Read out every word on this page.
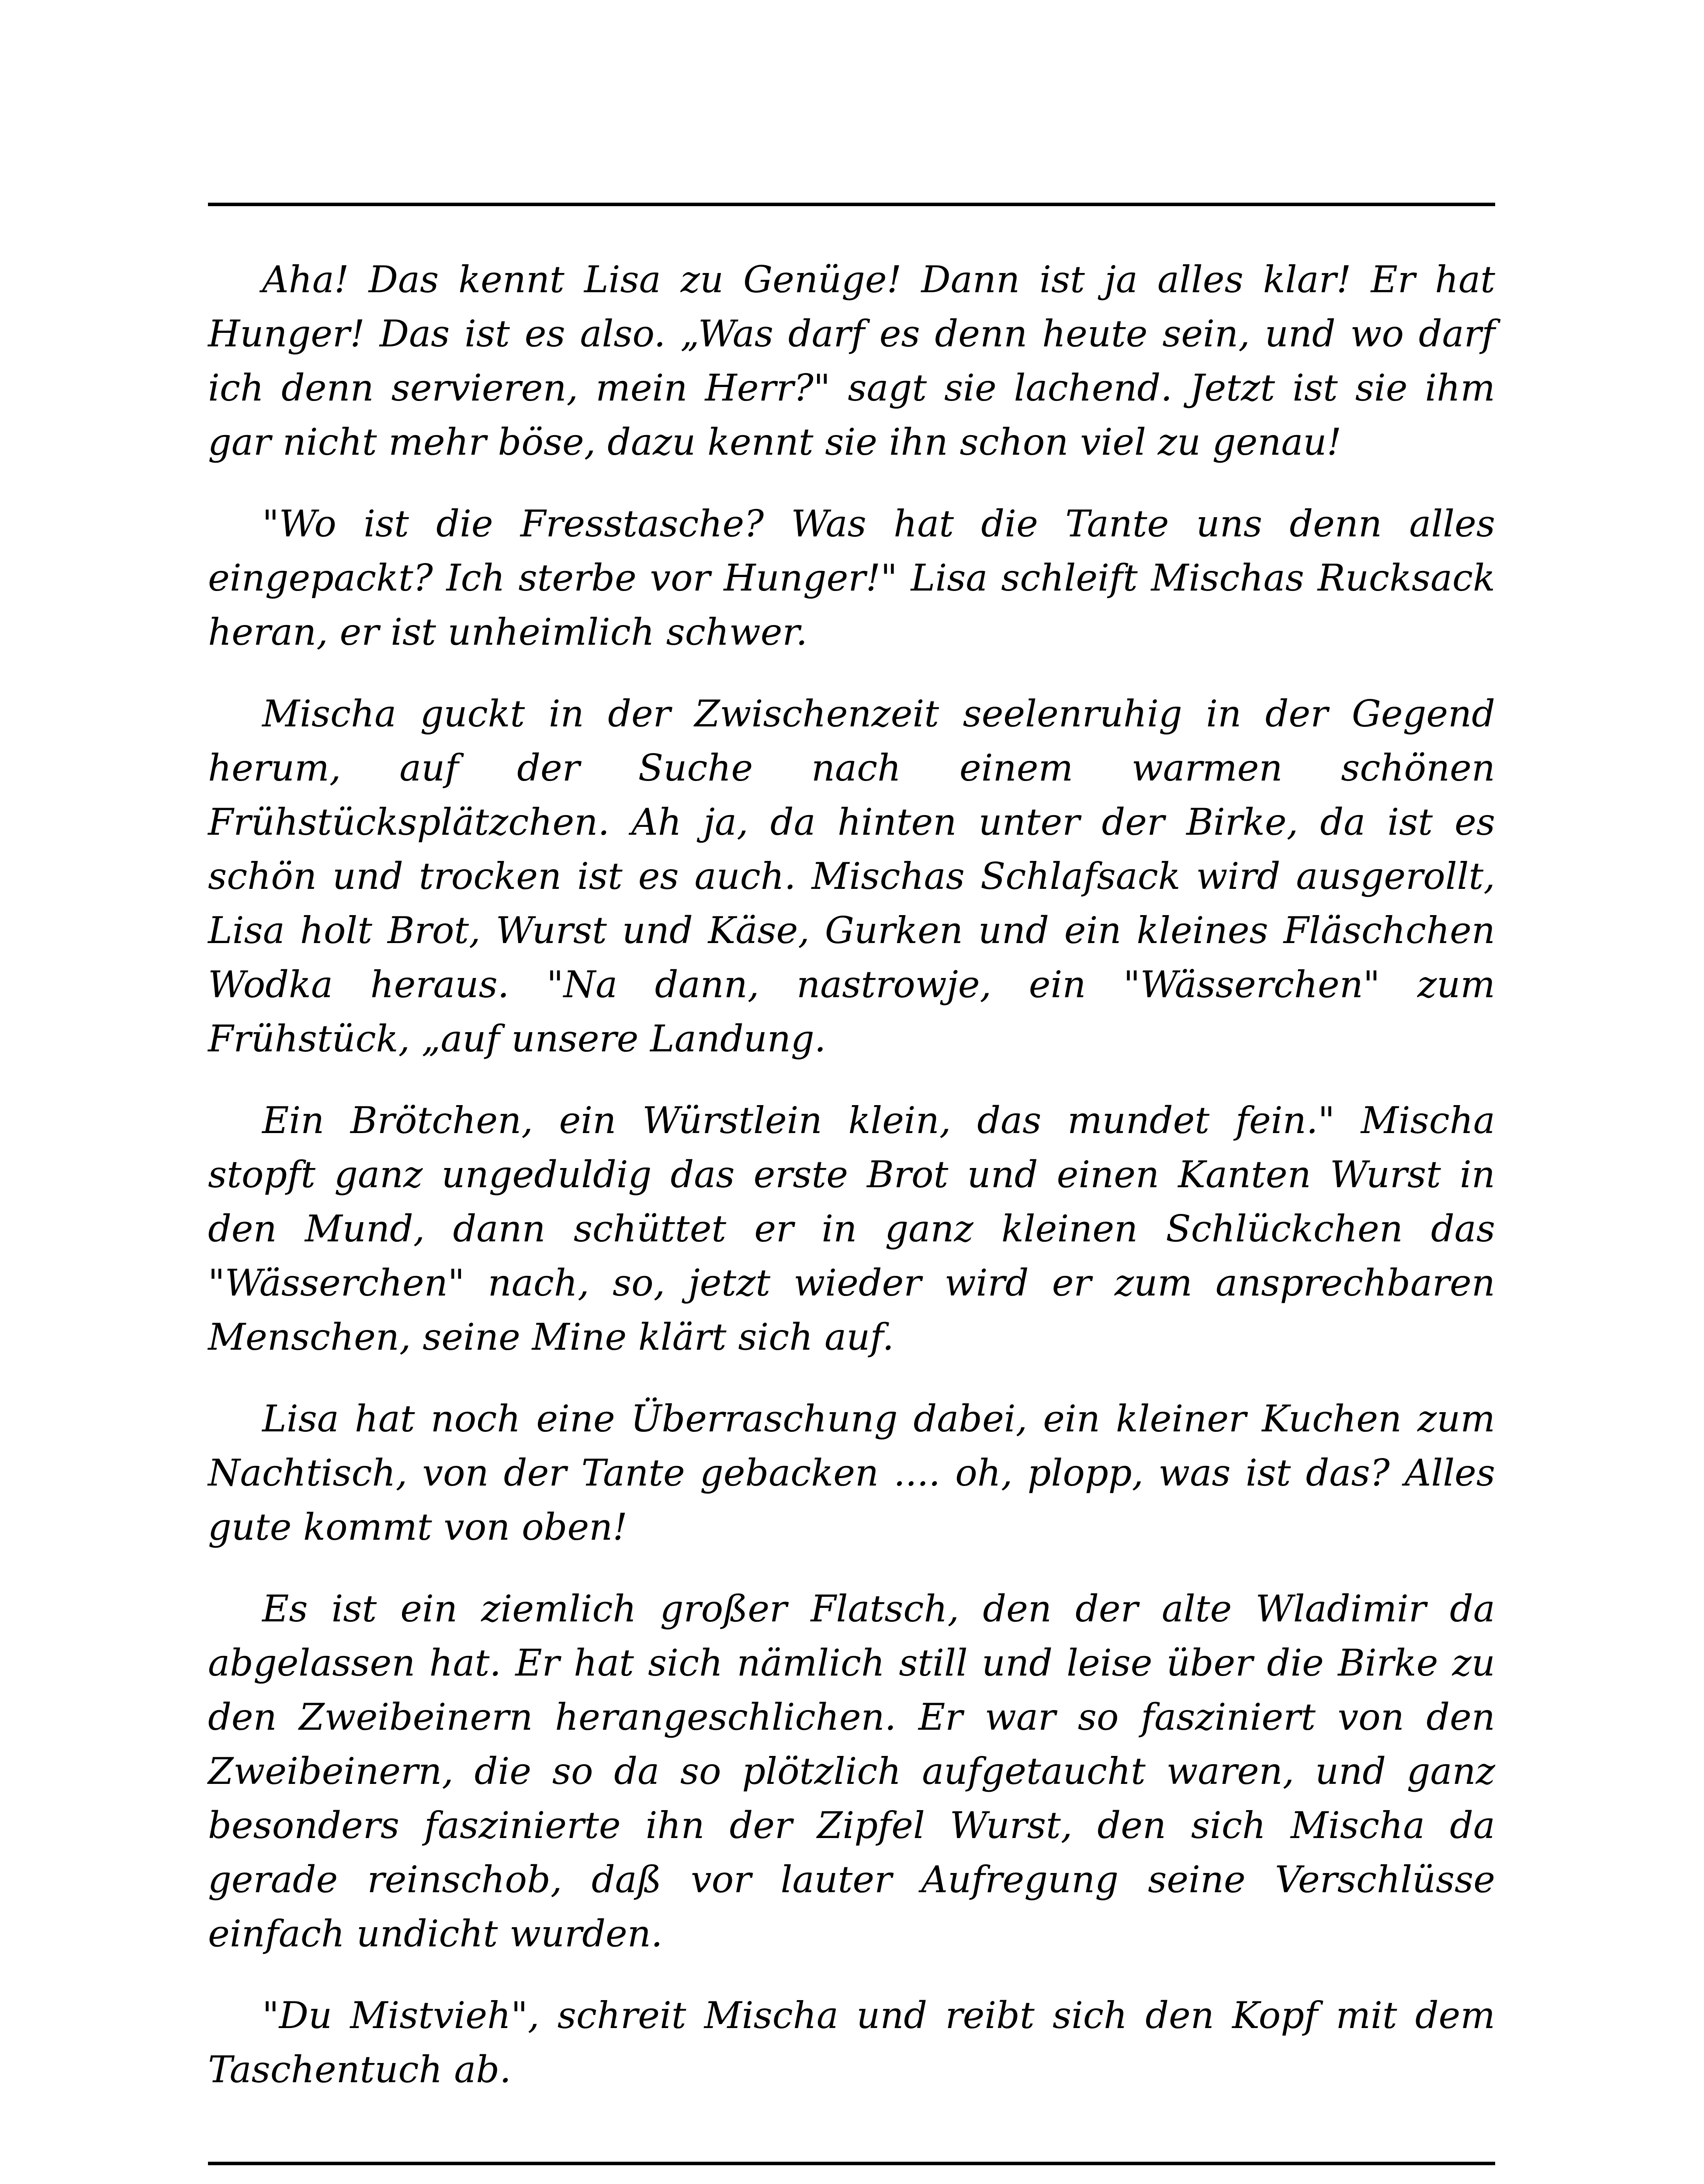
Aha! Das kennt Lisa zu Genüge! Dann ist ja alles klar! Er hat Hunger! Das ist es also. „Was darf es denn heute sein, und wo darf ich denn servieren, mein Herr?" sagt sie lachend. Jetzt ist sie ihm gar nicht mehr böse, dazu kennt sie ihn schon viel zu genau!

"Wo ist die Fresstasche? Was hat die Tante uns denn alles eingepackt? Ich sterbe vor Hunger!" Lisa schleift Mischas Rucksack heran, er ist unheimlich schwer.

Mischa guckt in der Zwischenzeit seelenruhig in der Gegend herum, auf der Suche nach einem warmen schönen Frühstücksplätzchen. Ah ja, da hinten unter der Birke, da ist es schön und trocken ist es auch. Mischas Schlafsack wird ausgerollt, Lisa holt Brot, Wurst und Käse, Gurken und ein kleines Fläschchen Wodka heraus. "Na dann, nastrowje, ein "Wässerchen" zum Frühstück, „auf unsere Landung.

Ein Brötchen, ein Würstlein klein, das mundet fein." Mischa stopft ganz ungeduldig das erste Brot und einen Kanten Wurst in den Mund, dann schüttet er in ganz kleinen Schlückchen das "Wässerchen" nach, so, jetzt wieder wird er zum ansprechbaren Menschen, seine Mine klärt sich auf.

Lisa hat noch eine Überraschung dabei, ein kleiner Kuchen zum Nachtisch, von der Tante gebacken .... oh, plopp, was ist das? Alles gute kommt von oben!

Es ist ein ziemlich großer Flatsch, den der alte Wladimir da abgelassen hat. Er hat sich nämlich still und leise über die Birke zu den Zweibeinern herangeschlichen. Er war so fasziniert von den Zweibeinern, die so da so plötzlich aufgetaucht waren, und ganz besonders faszinierte ihn der Zipfel Wurst, den sich Mischa da gerade reinschob, daß vor lauter Aufregung seine Verschlüsse einfach undicht wurden.

"Du Mistvieh", schreit Mischa und reibt sich den Kopf mit dem Taschentuch ab.
